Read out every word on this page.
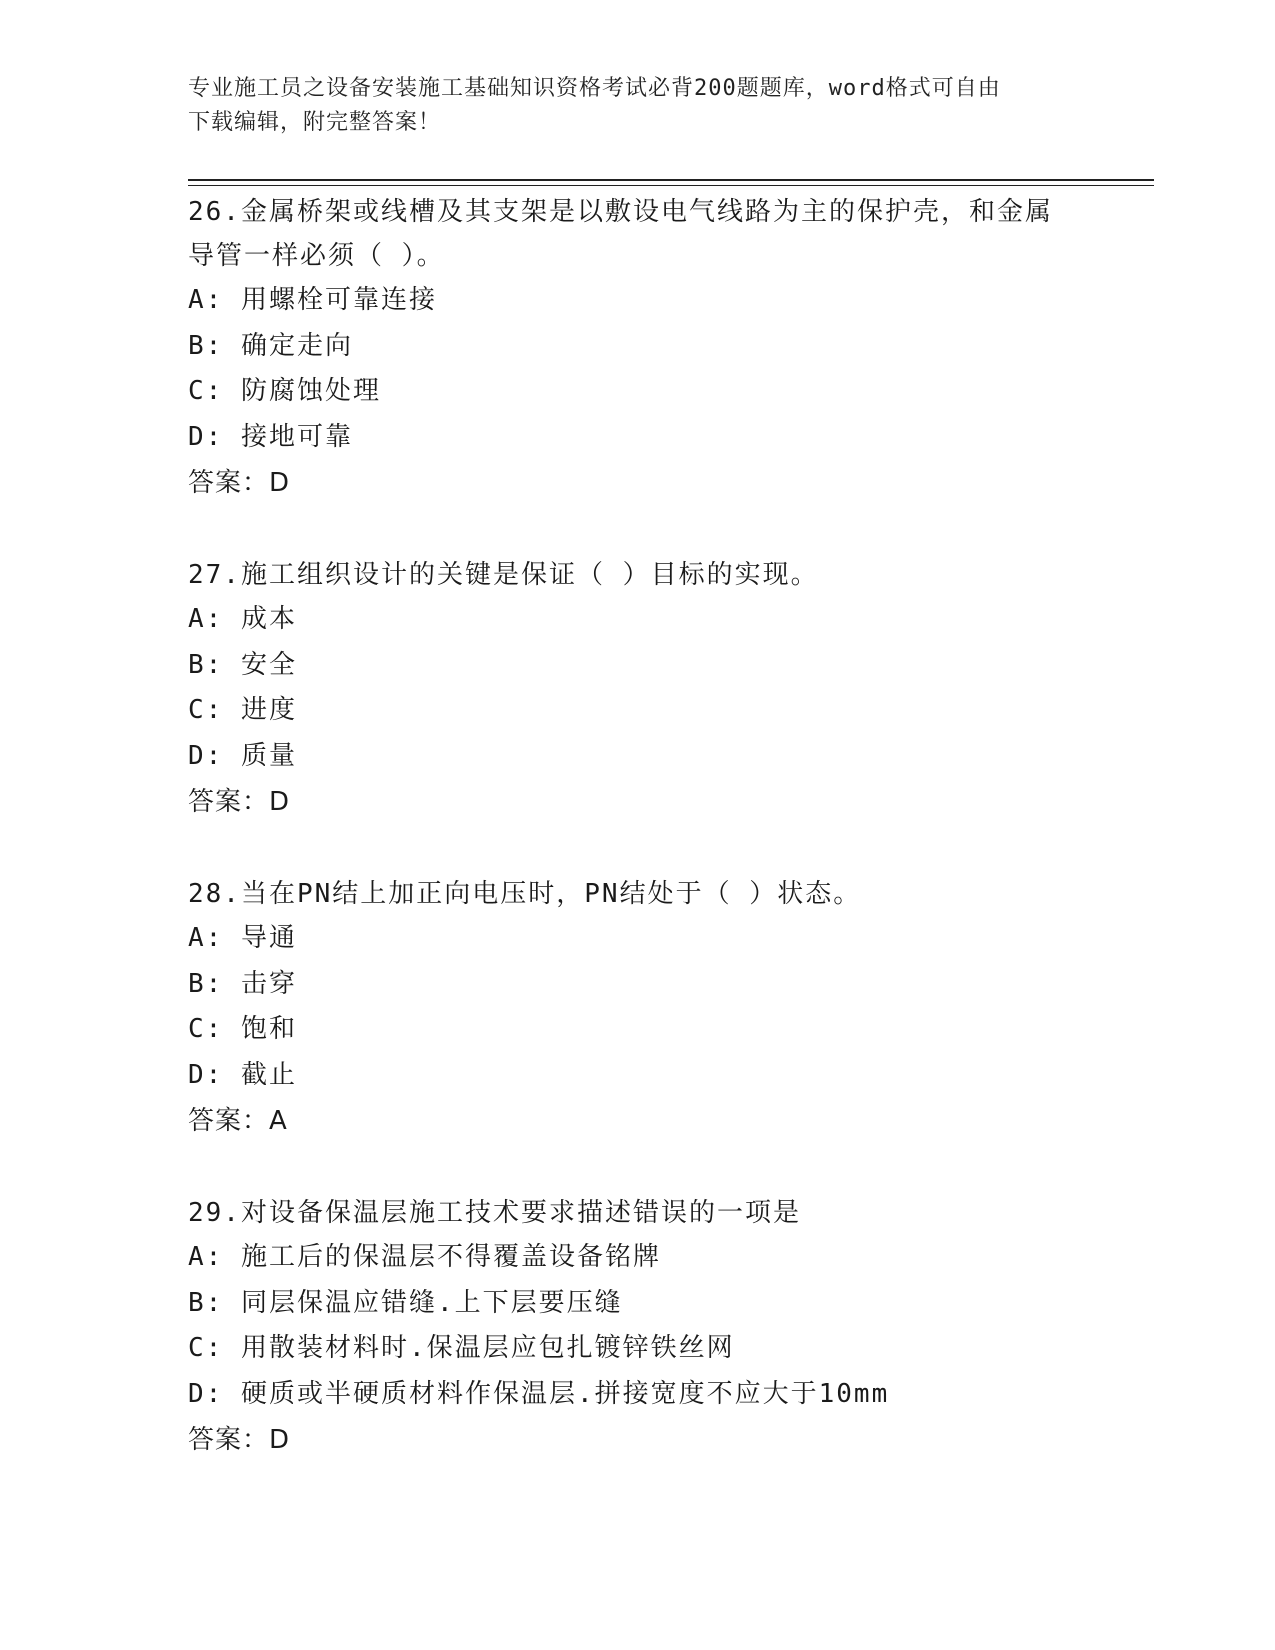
专业施工员之设备安装施工基础知识资格考试必背200题题库，word格式可自由
下载编辑，附完整答案！
26.金属桥架或线槽及其支架是以敷设电气线路为主的保护壳，和金属
导管一样必须（ ）。
A: 用螺栓可靠连接
B: 确定走向
C: 防腐蚀处理
D: 接地可靠
答案：D
27.施工组织设计的关键是保证（ ）目标的实现。
A: 成本
B: 安全
C: 进度
D: 质量
答案：D
28.当在PN结上加正向电压时，PN结处于（ ）状态。
A: 导通
B: 击穿
C: 饱和
D: 截止
答案：A
29.对设备保温层施工技术要求描述错误的一项是
A: 施工后的保温层不得覆盖设备铭牌
B: 同层保温应错缝.上下层要压缝
C: 用散装材料时.保温层应包扎镀锌铁丝网
D: 硬质或半硬质材料作保温层.拼接宽度不应大于10mm
答案：D
